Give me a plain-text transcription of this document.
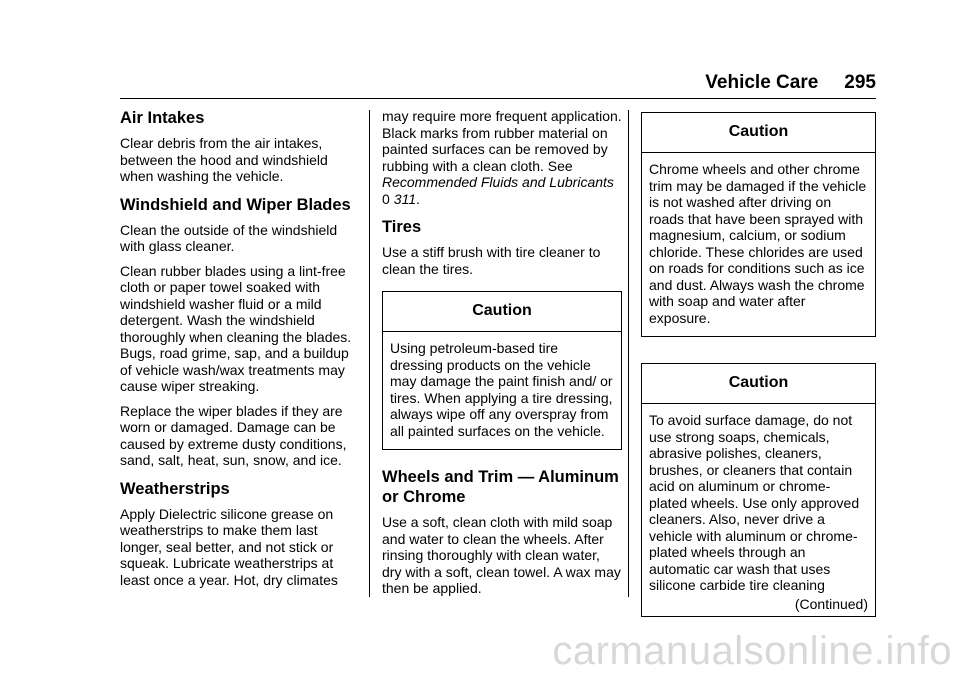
Vehicle Care 295
Air Intakes

Clear debris from the air intakes, between the hood and windshield when washing the vehicle.

Windshield and Wiper Blades

Clean the outside of the windshield with glass cleaner.

Clean rubber blades using a lint-free cloth or paper towel soaked with windshield washer fluid or a mild detergent. Wash the windshield thoroughly when cleaning the blades. Bugs, road grime, sap, and a buildup of vehicle wash/wax treatments may cause wiper streaking.

Replace the wiper blades if they are worn or damaged. Damage can be caused by extreme dusty conditions, sand, salt, heat, sun, snow, and ice.

Weatherstrips

Apply Dielectric silicone grease on weatherstrips to make them last longer, seal better, and not stick or squeak. Lubricate weatherstrips at least once a year. Hot, dry climates

may require more frequent application. Black marks from rubber material on painted surfaces can be removed by rubbing with a clean cloth. See Recommended Fluids and Lubricants 0 311.

Tires

Use a stiff brush with tire cleaner to clean the tires.

Caution
Using petroleum-based tire dressing products on the vehicle may damage the paint finish and/ or tires. When applying a tire dressing, always wipe off any overspray from all painted surfaces on the vehicle.
Wheels and Trim — Aluminum
or Chrome

Use a soft, clean cloth with mild soap and water to clean the wheels. After rinsing thoroughly with clean water, dry with a soft, clean towel. A wax may then be applied.

Caution
Chrome wheels and other chrome trim may be damaged if the vehicle is not washed after driving on roads that have been sprayed with magnesium, calcium, or sodium chloride. These chlorides are used on roads for conditions such as ice and dust. Always wash the chrome with soap and water after exposure.
Caution
To avoid surface damage, do not use strong soaps, chemicals, abrasive polishes, cleaners, brushes, or cleaners that contain acid on aluminum or chrome-plated wheels. Use only approved cleaners. Also, never drive a vehicle with aluminum or chrome-plated wheels through an automatic car wash that uses silicone carbide tire cleaning
(Continued)
carmanualsonline.info
